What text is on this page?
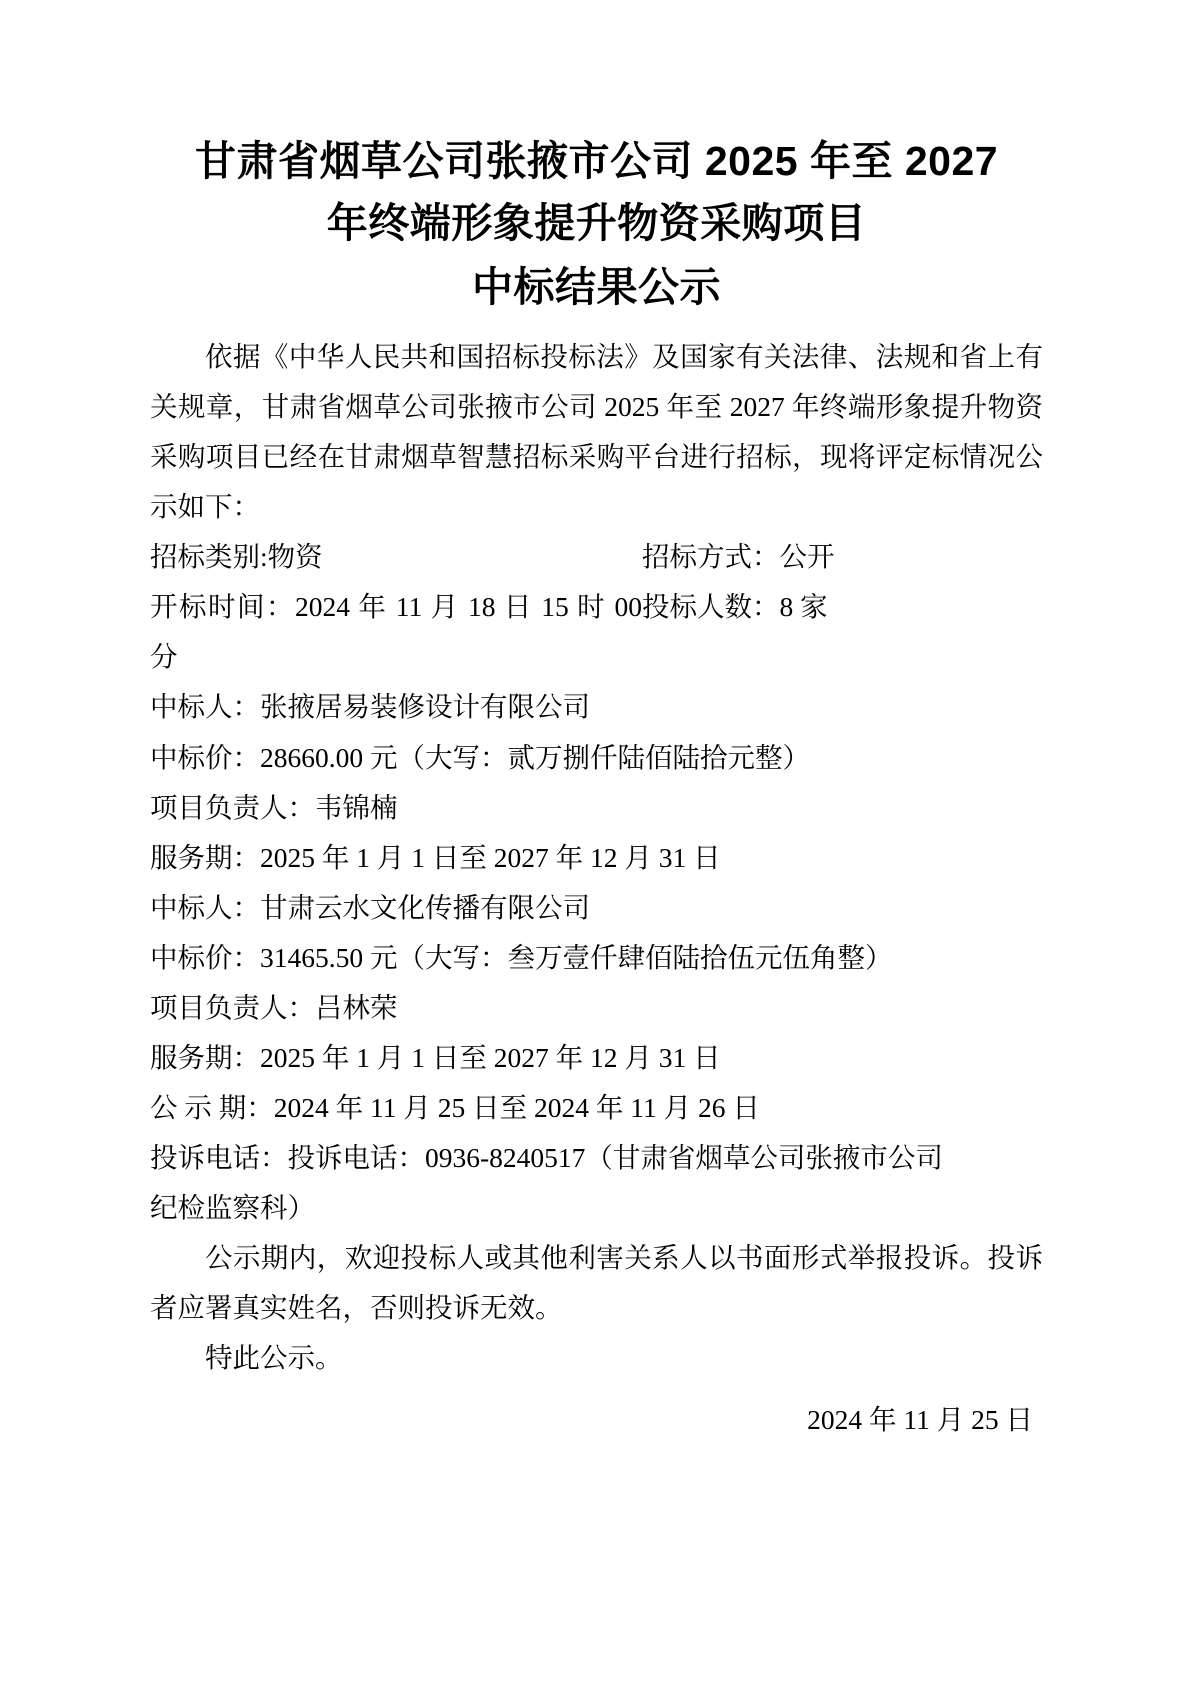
甘肃省烟草公司张掖市公司 2025 年至 2027
年终端形象提升物资采购项目
中标结果公示

依据《中华人民共和国招标投标法》及国家有关法律、法规和省上有关规章，甘肃省烟草公司张掖市公司 2025 年至 2027 年终端形象提升物资采购项目已经在甘肃烟草智慧招标采购平台进行招标，现将评定标情况公示如下：

招标类别:物资	招标方式：公开
开标时间：2024 年 11 月 18 日 15 时 00 分
投标人数：8 家

中标人：张掖居易装修设计有限公司

中标价：28660.00 元（大写：贰万捌仟陆佰陆拾元整）

项目负责人：韦锦楠

服务期：2025 年 1 月 1 日至 2027 年 12 月 31 日

中标人：甘肃云水文化传播有限公司

中标价：31465.50 元（大写：叁万壹仟肆佰陆拾伍元伍角整）

项目负责人：吕林荣

服务期：2025 年 1 月 1 日至 2027 年 12 月 31 日

公 示 期：2024 年 11 月 25 日至 2024 年 11 月 26 日

投诉电话：投诉电话：0936-8240517（甘肃省烟草公司张掖市公司

纪检监察科）

公示期内，欢迎投标人或其他利害关系人以书面形式举报投诉。投诉者应署真实姓名，否则投诉无效。

特此公示。

2024 年 11 月 25 日
